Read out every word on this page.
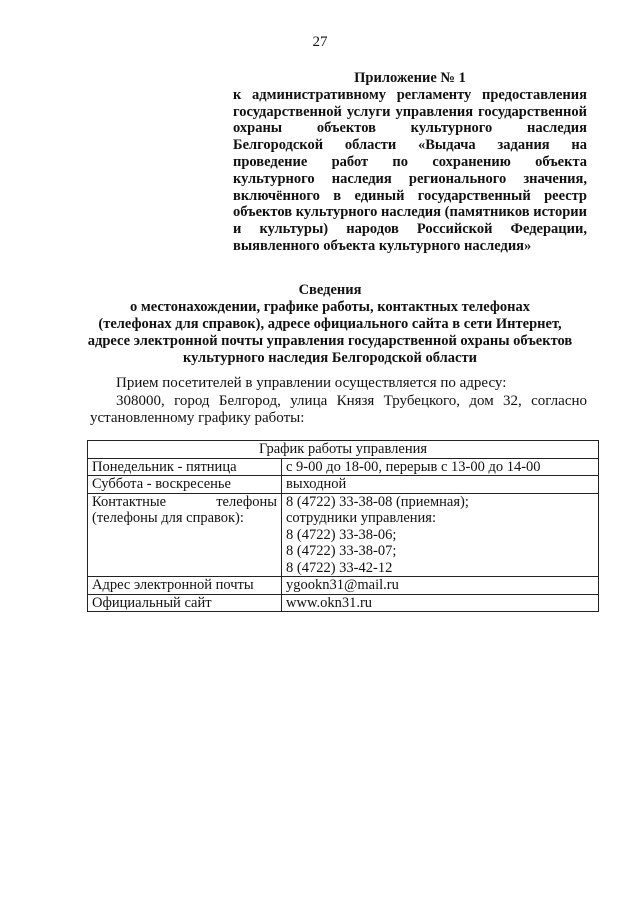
27
Приложение № 1
к административному регламенту предоставления государственной услуги управления государственной охраны объектов культурного наследия Белгородской области «Выдача задания на проведение работ по сохранению объекта культурного наследия регионального значения, включённого в единый государственный реестр объектов культурного наследия (памятников истории и культуры) народов Российской Федерации, выявленного объекта культурного наследия»
Сведения
о местонахождении, графике работы, контактных телефонах
(телефонах для справок), адресе официального сайта в сети Интернет,
адресе электронной почты управления государственной охраны объектов
культурного наследия Белгородской области

Прием посетителей в управлении осуществляется по адресу:

308000, город Белгород, улица Князя Трубецкого, дом 32, согласно установленному графику работы:

График работы управления	
Понедельник - пятница	с 9-00 до 18-00, перерыв с 13-00 до 14-00
Суббота - воскресенье	выходной

Контактные телефоны
(телефоны для справок):	8 (4722) 33-38-08 (приемная);
сотрудники управления:
8 (4722) 33-38-06;
8 (4722) 33-38-07;
8 (4722) 33-42-12

Адрес электронной почты	ygookn31@mail.ru
Официальный сайт	www.okn31.ru
